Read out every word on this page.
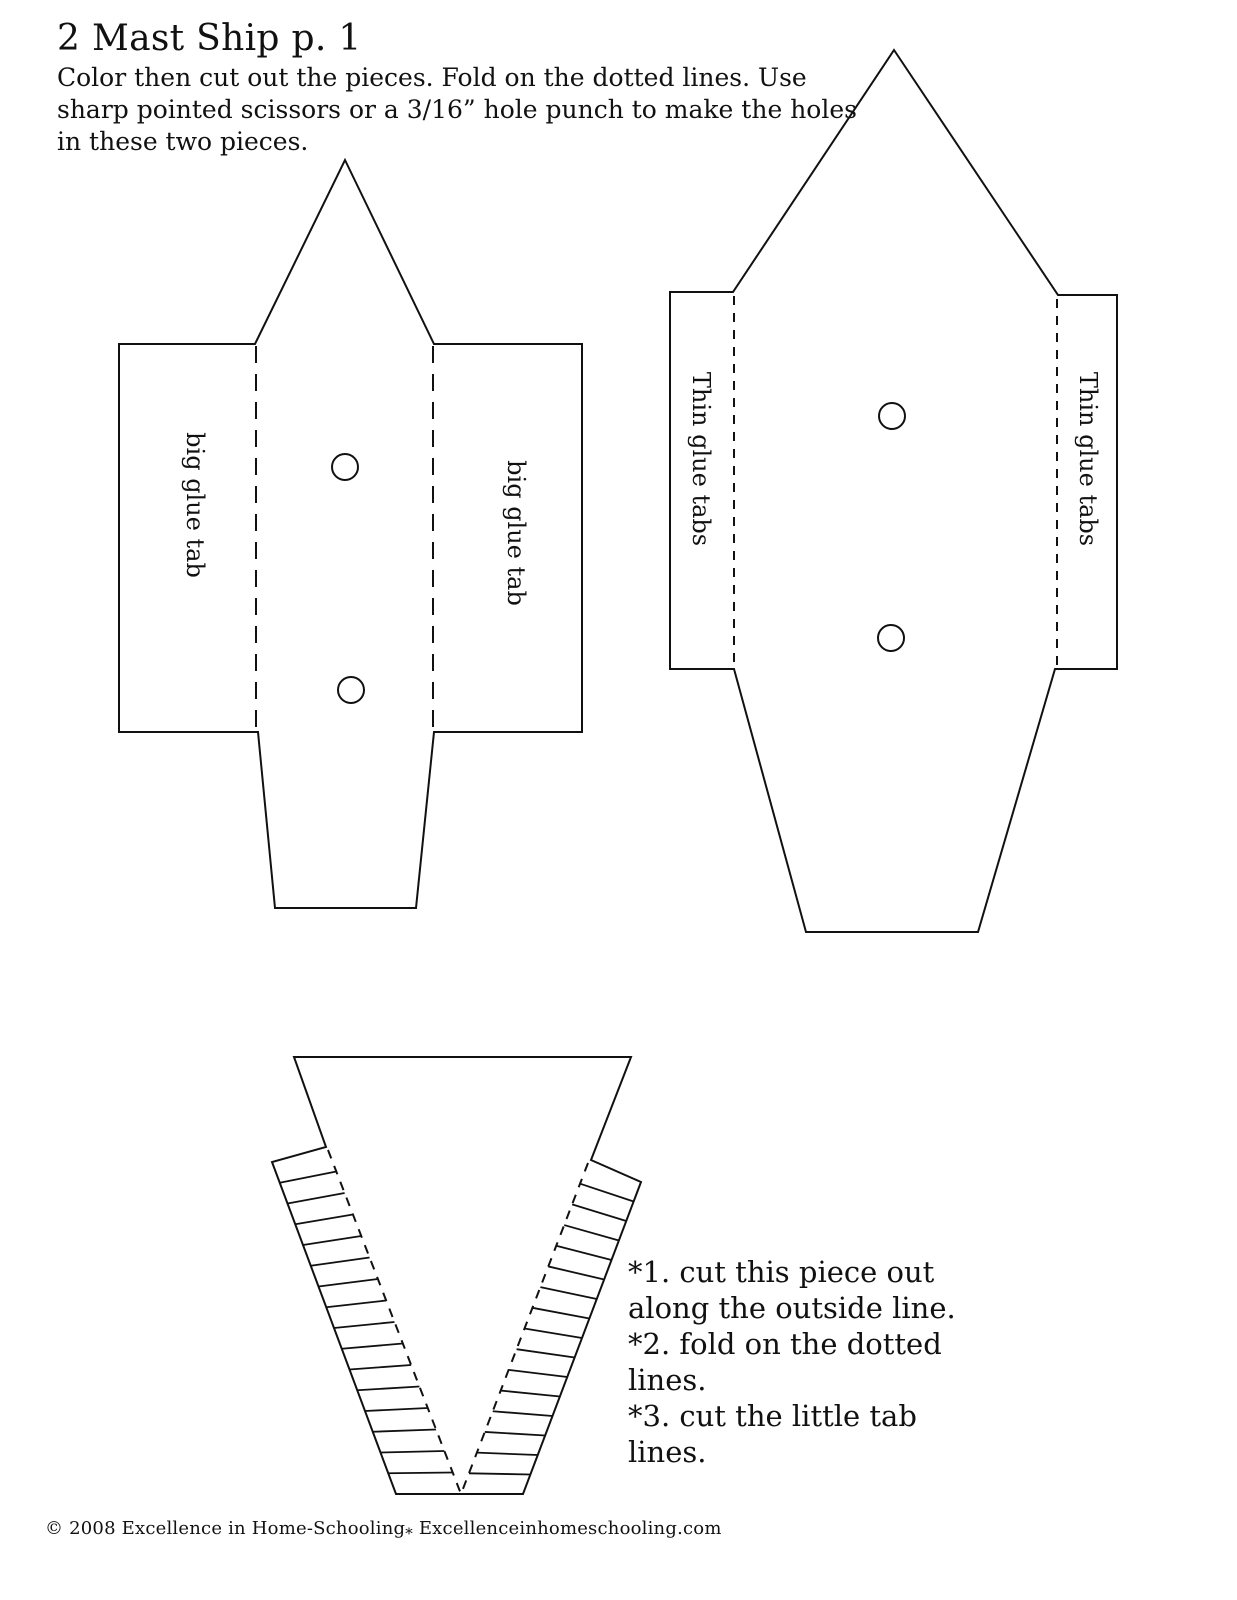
2 Mast Ship p. 1

Color then cut out the pieces. Fold on the dotted lines. Use
sharp pointed scissors or a 3/16” hole punch to make the holes
in these two pieces.

big glue tab	big glue tab	Thin glue tabs	Thin glue tabs
*1. cut this piece out
along the outside line.
*2. fold on the dotted
lines.
*3. cut the little tab
lines.
© 2008 Excellence in Home-Schooling$_*$ Excellenceinhomeschooling.com
